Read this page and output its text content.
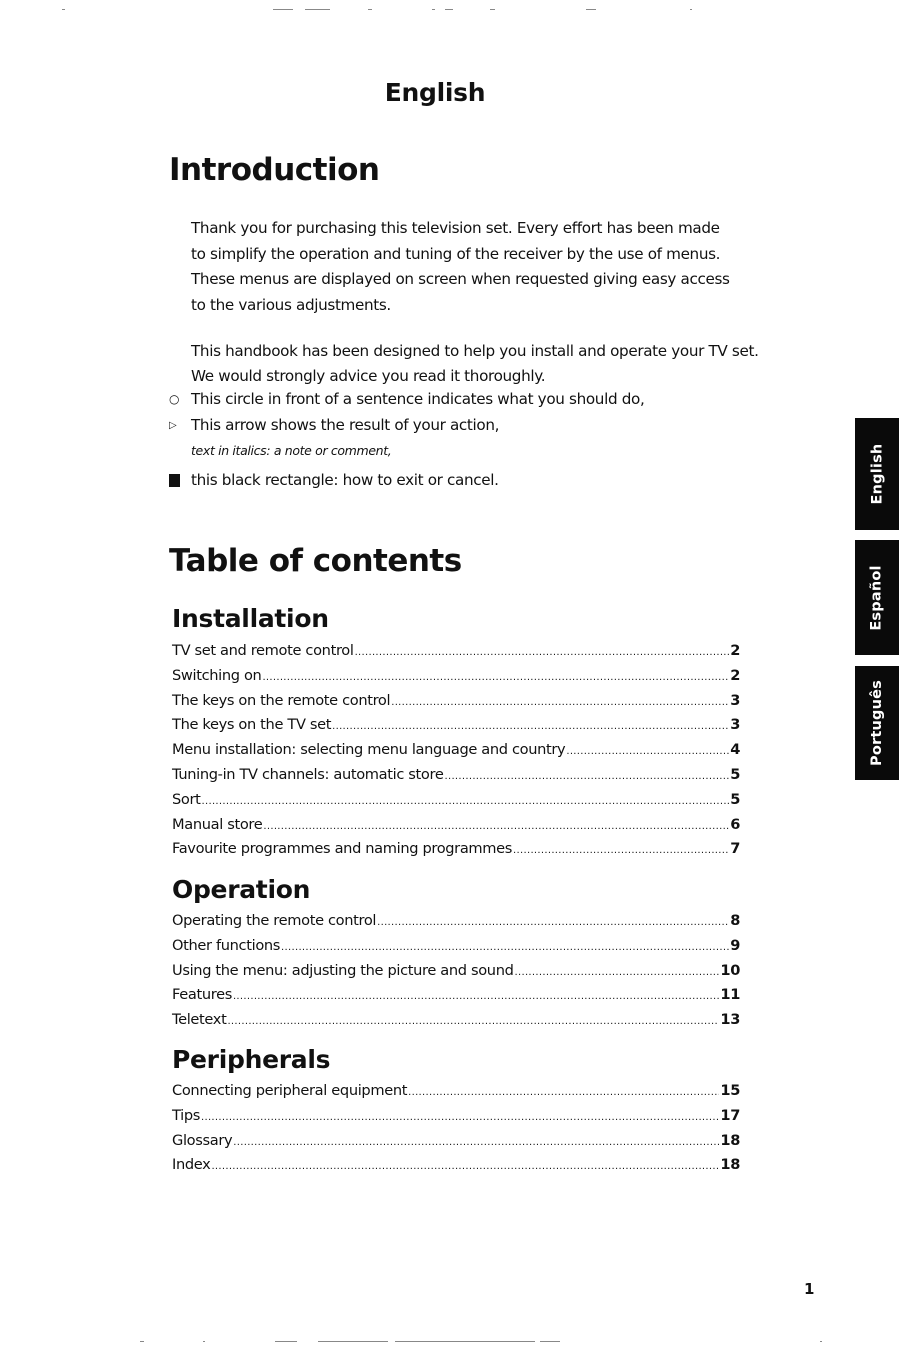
English
Introduction

Thank you for purchasing this television set. Every effort has been made

to simplify the operation and tuning of the receiver by the use of menus.

These menus are displayed on screen when requested giving easy access

to the various adjustments.

This handbook has been designed to help you install and operate your TV set.
We would strongly advice you read it thoroughly.
○ This circle in front of a sentence indicates what you should do,
▷ This arrow shows the result of your action,
text in italics: a note or comment,
this black rectangle: how to exit or cancel.
Table of contents
Installation
TV set and remote control .....	2
Switching on .....	2
The keys on the remote control .....	3
The keys on the TV set .....	3
Menu installation: selecting menu language and country .....	4
Tuning-in TV channels: automatic store .....	5
Sort .....	5
Manual store .....	6
Favourite programmes and naming programmes .....	7
Operation
Operating the remote control .....	8
Other functions .....	9
Using the menu: adjusting the picture and sound .....	10
Features .....	11
Teletext .....	13
Peripherals
Connecting peripheral equipment .....	15
Tips .....	17
Glossary .....	18
Index .....	18
English
Español
Português
1
